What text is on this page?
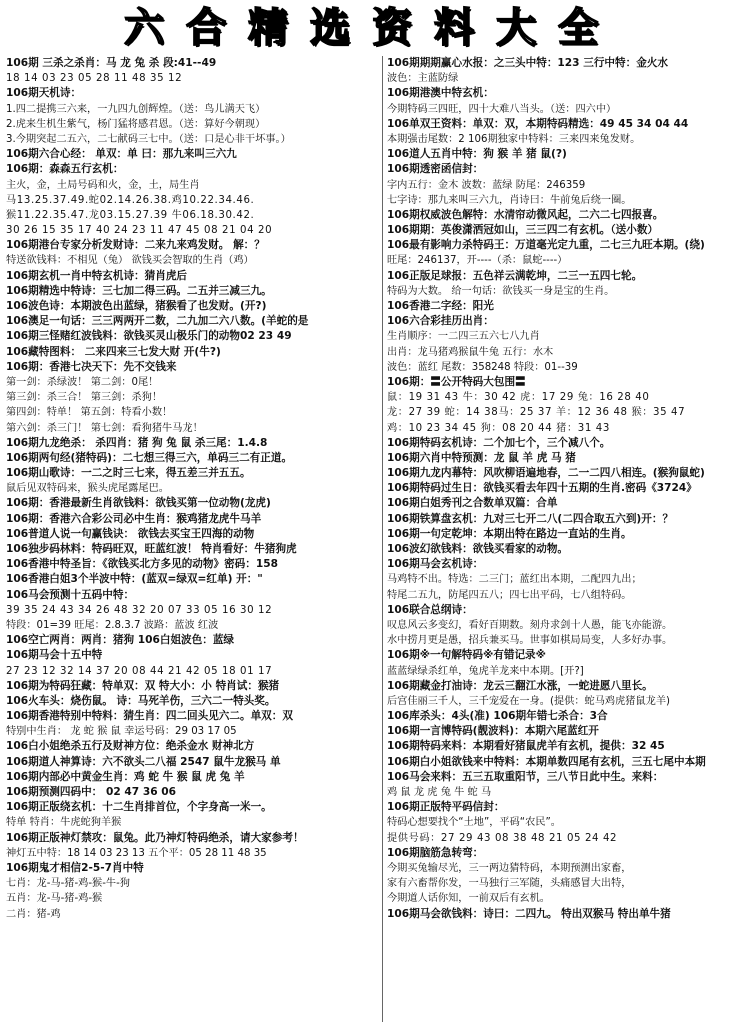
六合精选资料大全
106期 三杀之杀肖：马 龙 兔 杀 段:41--49
18 14 03 23 05 28 11 48 35 12
106期天机诗：
1.四二提携三六来，一九四九创辉煌。（送：鸟儿满天飞）
2.虎来生机生紫气，杨门猛将感君恩。（送：算好今朝现）
3.今期突起二五六，二七献码三七中。（送：口是心非干坏事。）
106期六合心经： 单双：单 曰：那九来叫三六九
106期：森森五行玄机：
主火，金，土局号码和火，金，土，局生肖
马13.25.37.49.蛇02.14.26.38.鸡10.22.34.46.
猴11.22.35.47.龙03.15.27.39 牛06.18.30.42.
30 26 15 35 17 40 24 23 11 47 45 08 21 04 20
106期港台专家分析发财诗：二来九来鸡发财。 解：？
特送欲钱料：不相见（兔） 欲钱买会智取的生肖（鸡）
106期玄机一肖中特玄机诗：猜肖虎后
106期精选中特诗：三七加二得三码。二五并三减三九。
106波色诗：本期波色出蓝绿，猪猴看了也发财。(开?)
106澳足一句话：三三两两开二数，二九加二六八数。(羊蛇的是
106期三怪赌红波钱料：欲钱买灵山极乐门的动物02 23 49
106藏特图料： 二来四来三七发大财 开(牛?)
106期：香港七决天下：先不交钱来
第一剑：杀绿波！ 第二剑：0尾！
第三剑：杀三合！ 第三剑：杀狗！
第四剑：特单！ 第五剑：特看小数！
第六剑：杀三门！ 第七剑：看狗猪牛马龙！
106期九龙绝杀： 杀四肖：猪 狗 兔 鼠 杀三尾：1.4.8
106期两句经(猪特码)：二七想三得三六，单码三二有正道。
106期山歌诗：一二之时三七来，得五差三并五五。
鼠后见双特码来，猴头虎尾露尾巴。
106期：香港最新生肖欲钱料：欲钱买第一位动物(龙虎)
106期：香港六合彩公司必中生肖：猴鸡猪龙虎牛马羊
106普道人说一句赢钱诀： 欲钱去买宝王四海的动物
106独步码林料：特码旺双，旺蓝红波！ 特肖看好：牛猪狗虎
106香港中特圣旨：《欲钱买北方多见的动物》密码：158
106香港白姐3个半波中特：(蓝双=绿双=红单) 开："
106马会预测十五码中特：
39 35 24 43 34 26 48 32 20 07 33 05 16 30 12
特段：01=39 旺尾：2.8.3.7 波路：蓝波 红波
106空亡两肖：两肖：猪狗 106白姐波色：蓝绿
106期马会十五中特
27 23 12 32 14 37 20 08 44 21 42 05 18 01 17
106期为特码狂藏：特单双：双 特大小：小 特肖试：猴猪
106火车头：烧伤鼠。 诗：马死羊伤，三六二一特头奖。
106期香港特别中特料：猜生肖：四二回头见六二。单双：双
特别中生肖： 龙 蛇 猴 鼠 幸运号码：29 03 17 05
106白小姐绝杀五行及财神方位：绝杀金水 财神北方
106期道人神算诗：六不欲头二八福 2547 鼠牛龙猴马 单
106期内部必中黄金生肖：鸡 蛇 牛 猴 鼠 虎 兔 羊
106期预测四码中： 02 47 36 06
106期正版绕玄机：十二生肖排首位，个字身高一米一。
特单 特肖：牛虎蛇狗羊猴
106期正版神灯禁攻：鼠兔。此乃神灯特码绝杀，请大家参考！
神灯五中特：18 14 03 23 13 五个平：05 28 11 48 35
106期鬼才相信2-5-7肖中特
七肖：龙-马-猪-鸡-猴-牛-狗
五肖：龙-马-猪-鸡-猴
二肖：猪-鸡
106期期期赢心水报：之三头中特：123 三行中特：金火水
波色：主蓝防绿
106期港澳中特玄机：
今期特码三四旺，四十大难八当头。（送：四六中）
106单双王资料：单双：双，本期特码精选：49 45 34 04 44
本期强击尾数：2 106期独家中特料：三来四来兔发财。
106道人五肖中特：狗 猴 羊 猪 鼠(?)
106期透密函信封：
字内五行：金木 波数：蓝绿 防尾：246359
七字诗：那九来叫三六九，肖诗曰：牛前兔后绕一圈。
106期权威波色解特：水清帘动微风起，二六二七四报喜。
106期期：英俊潇洒冠如山，三三四二有玄机。（送小数）
106最有影响力杀特码王：万道毫光定九重，二七三九旺本期。(绕)
旺尾：246137，开----（杀：鼠蛇----）
106正版足球报：五色祥云满乾坤，二三一五四七轮。
特码为大数。 给一句话：欲钱买一身是宝的生肖。
106香港二字经：阳光
106六合彩挂历出肖：
生肖顺序：一二四三五六七八九肖
出肖：龙马猪鸡猴鼠牛兔 五行：水木
波色：蓝红 尾数：358248 特段：01--39
106期：〓公开特码大包围〓
鼠：19 31 43 牛：30 42 虎：17 29 兔：16 28 40
龙：27 39 蛇：14 38马：25 37 羊：12 36 48 猴：35 47
鸡：10 23 34 45 狗：08 20 44 猪：31 43
106期特码玄机诗：二个加七个，三个减八个。
106期六肖中特预测：龙 鼠 羊 虎 马 猪
106期九龙内幕特：风吹柳语遍地春，二一二四八相连。(猴狗鼠蛇)
106期特码过生日：欲钱买看去年四十五期的生肖.密码《3724》
106期白姐秀刊之合数单双篇：合单
106期铁算盘玄机：九对三七开二八(二四合取五六到)开：？
106期一句定乾坤：本期出特在路边一直站的生肖。
106波幻欲钱料：欲钱买看家的动物。
106期马会玄机诗：
马鸡特不出。特选：二三门；蓝红出本期，二配四九出；
特尾二五九，防尾四五八；四七出平码，七八组特码。
106联合总纲诗：
叹息风云多变幻，看好百期数。刻舟求剑十人愚，能飞亦能游。
水中捞月更是愚，招兵兼买马。世事如棋局局变，人多好办事。
106期※一句解特码※有错记录※
蓝蓝绿绿杀红单，兔虎羊龙来中本期。[开?]
106期藏金打油诗：龙云三翻江水涨，一蛇进愿八里长。
后宫佳丽三千人，三千宠爱在一身。(提供：蛇马鸡虎猪鼠龙羊)
106库杀头：4头(准) 106期年错七杀合：3合
106期一言博特码(靓波料)：本期六尾蓝红开
106期特码来料：本期看好猪鼠虎羊有玄机，提供：32 45
106期白小姐欲钱来中特料：本期单数四尾有玄机，三五七尾中本期
106马会来料：五三五取重阳节，三八节日此中生。来料：
鸡 鼠 龙 虎 兔 牛 蛇 马
106期正版特平码信封：
特码心想要找个“土地”，平码“农民”。
提供号码：27 29 43 08 38 48 21 05 24 42
106期脑筋急转弯：
今期买兔输尽光，三一两边猜特码，本期预测出家畜，
家有六畜帮你发，一马独行三军随，头痛感冒大出特，
今期道人话你知，一前双后有玄机。
106期马会欲钱料：诗曰：二四九。 特出双猴马 特出单牛猪
